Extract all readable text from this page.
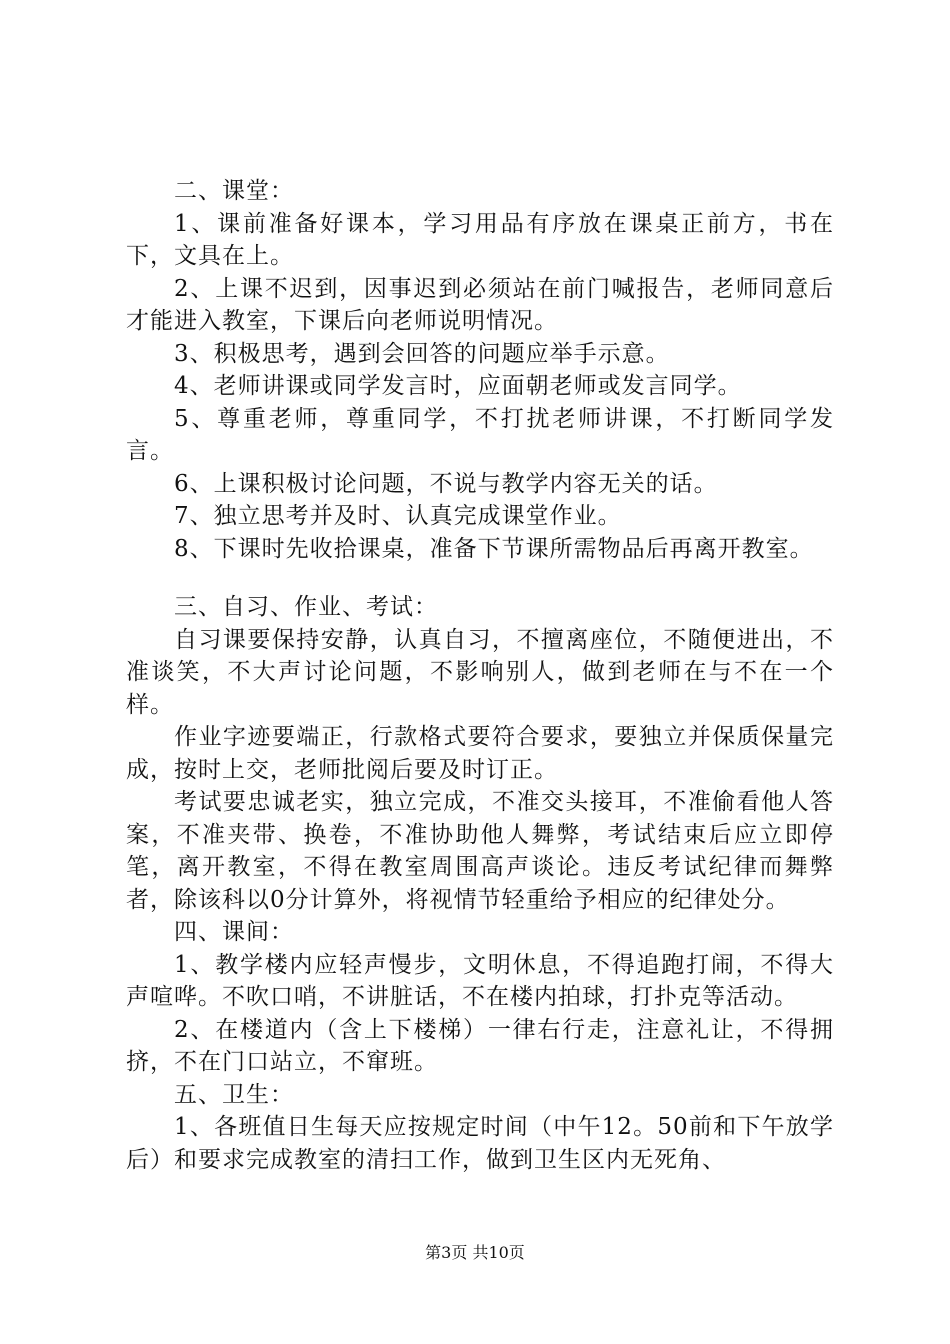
二、课堂：

1、课前准备好课本，学习用品有序放在课桌正前方，书在下，文具在上。

2、上课不迟到，因事迟到必须站在前门喊报告，老师同意后才能进入教室，下课后向老师说明情况。

3、积极思考，遇到会回答的问题应举手示意。

4、老师讲课或同学发言时，应面朝老师或发言同学。

5、尊重老师，尊重同学，不打扰老师讲课，不打断同学发言。

6、上课积极讨论问题，不说与教学内容无关的话。

7、独立思考并及时、认真完成课堂作业。

8、下课时先收拾课桌，准备下节课所需物品后再离开教室。

三、自习、作业、考试：

自习课要保持安静，认真自习，不擅离座位，不随便进出，不准谈笑，不大声讨论问题，不影响别人，做到老师在与不在一个样。

作业字迹要端正，行款格式要符合要求，要独立并保质保量完成，按时上交，老师批阅后要及时订正。

考试要忠诚老实，独立完成，不准交头接耳，不准偷看他人答案，不准夹带、换卷，不准协助他人舞弊，考试结束后应立即停笔，离开教室，不得在教室周围高声谈论。违反考试纪律而舞弊者，除该科以0分计算外，将视情节轻重给予相应的纪律处分。

四、课间：

1、教学楼内应轻声慢步，文明休息，不得追跑打闹，不得大声喧哗。不吹口哨，不讲脏话，不在楼内拍球，打扑克等活动。

2、在楼道内（含上下楼梯）一律右行走，注意礼让，不得拥挤，不在门口站立，不窜班。

五、卫生：

1、各班值日生每天应按规定时间（中午12。50前和下午放学后）和要求完成教室的清扫工作，做到卫生区内无死角、

第3页 共10页
